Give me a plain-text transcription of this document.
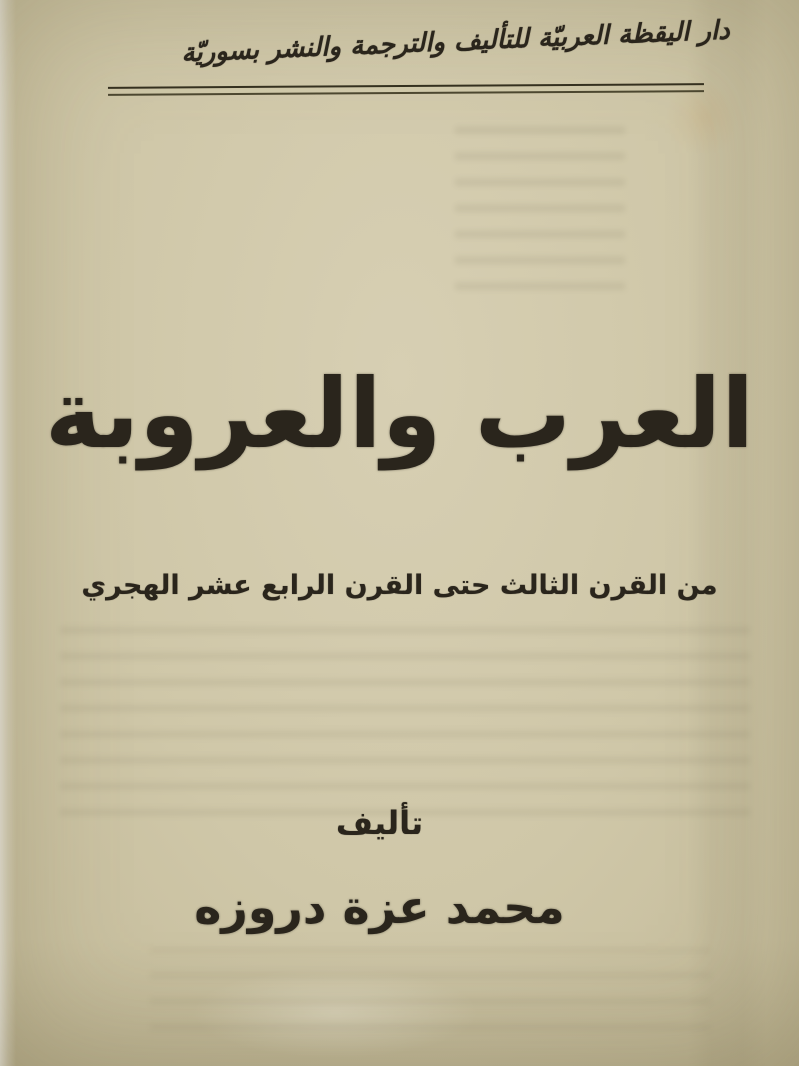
دار اليقظة العربيّة للتأليف والترجمة والنشر بسوريّة
العرب والعروبة
من القرن الثالث حتى القرن الرابع عشر الهجري
تأليف
محمد عزة دروزه
